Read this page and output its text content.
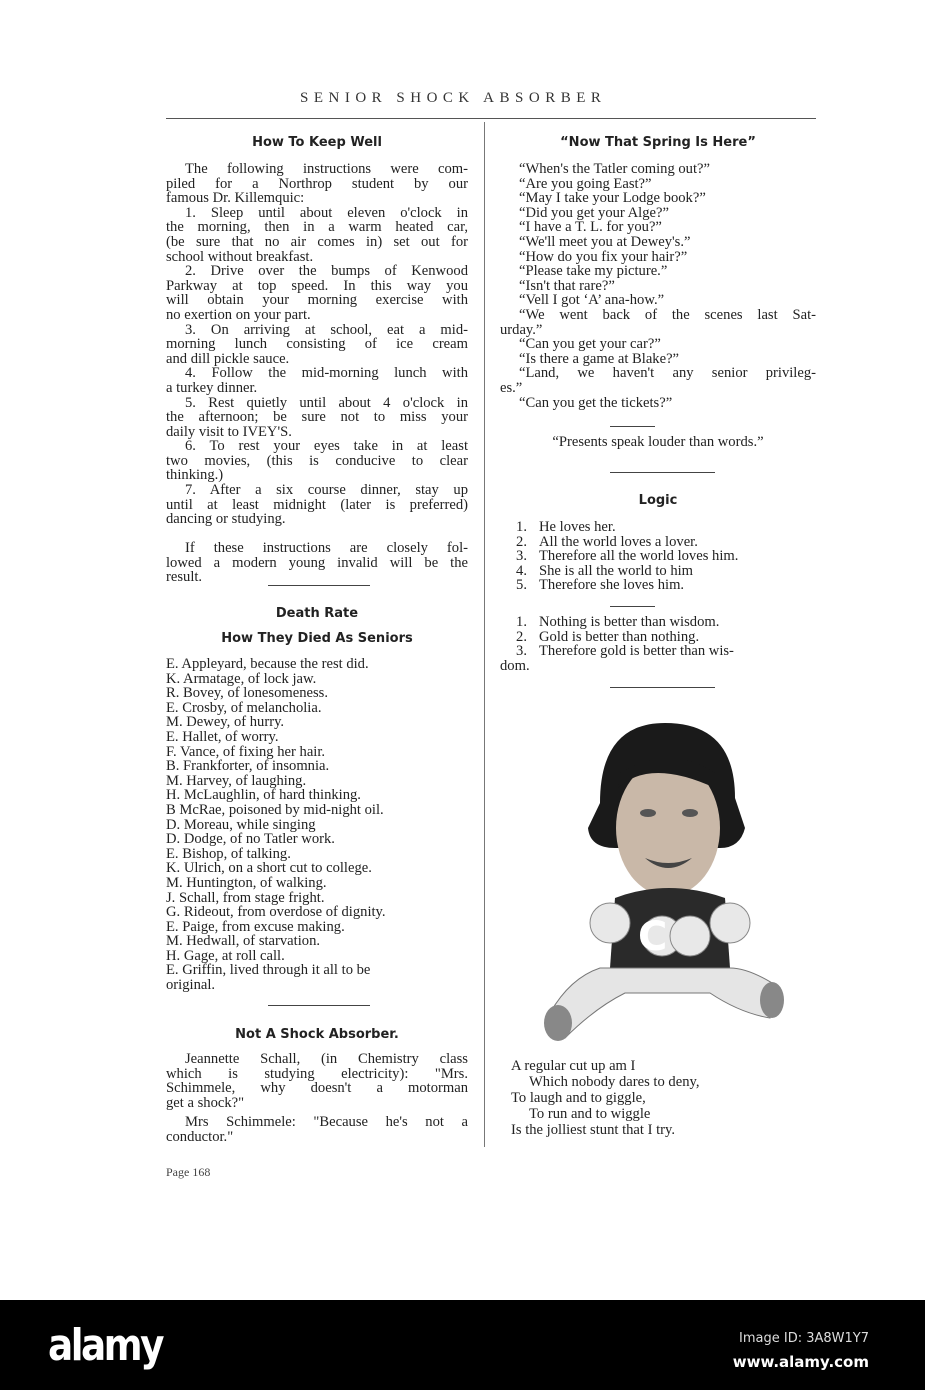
SENIOR SHOCK ABSORBER
How To Keep Well
The following instructions were com-
piled for a Northrop student by our
famous Dr. Killemquic:
1. Sleep until about eleven o'clock in
the morning, then in a warm heated car,
(be sure that no air comes in) set out for
school without breakfast.
2. Drive over the bumps of Kenwood
Parkway at top speed. In this way you
will obtain your morning exercise with
no exertion on your part.
3. On arriving at school, eat a mid-
morning lunch consisting of ice cream
and dill pickle sauce.
4. Follow the mid-morning lunch with
a turkey dinner.
5. Rest quietly until about 4 o'clock in
the afternoon; be sure not to miss your
daily visit to IVEY'S.
6. To rest your eyes take in at least
two movies, (this is conducive to clear
thinking.)
7. After a six course dinner, stay up
until at least midnight (later is preferred)
dancing or studying.
If these instructions are closely fol-
lowed a modern young invalid will be the
result.
Death Rate
How They Died As Seniors
E. Appleyard, because the rest did.
K. Armatage, of lock jaw.
R. Bovey, of lonesomeness.
E. Crosby, of melancholia.
M. Dewey, of hurry.
E. Hallet, of worry.
F. Vance, of fixing her hair.
B. Frankforter, of insomnia.
M. Harvey, of laughing.
H. McLaughlin, of hard thinking.
B McRae, poisoned by mid-night oil.
D. Moreau, while singing
D. Dodge, of no Tatler work.
E. Bishop, of talking.
K. Ulrich, on a short cut to college.
M. Huntington, of walking.
J. Schall, from stage fright.
G. Rideout, from overdose of dignity.
E. Paige, from excuse making.
M. Hedwall, of starvation.
H. Gage, at roll call.
E. Griffin, lived through it all to be
original.
Not A Shock Absorber.
Jeannette Schall, (in Chemistry class
which is studying electricity): "Mrs.
Schimmele, why doesn't a motorman
get a shock?"
Mrs Schimmele: "Because he's not a
conductor."
Page 168
“Now That Spring Is Here”
“When's the Tatler coming out?”
“Are you going East?”
“May I take your Lodge book?”
“Did you get your Alge?”
“I have a T. L. for you?”
“We'll meet you at Dewey's.”
“How do you fix your hair?”
“Please take my picture.”
“Isn't that rare?”
“Vell I got ‘A’ ana-how.”
“We went back of the scenes last Sat-
urday.”
“Can you get your car?”
“Is there a game at Blake?”
“Land, we haven't any senior privileg-
es.”
“Can you get the tickets?”
“Presents speak louder than words.”
Logic
1. He loves her.
2. All the world loves a lover.
3. Therefore all the world loves him.
4. She is all the world to him
5. Therefore she loves him.
1. Nothing is better than wisdom.
2. Gold is better than nothing.
3. Therefore gold is better than wis-
dom.
C
A regular cut up am I
Which nobody dares to deny,
To laugh and to giggle,
To run and to wiggle
Is the jolliest stunt that I try.
alamy	Image ID: 3A8W1Y7
www.alamy.com
